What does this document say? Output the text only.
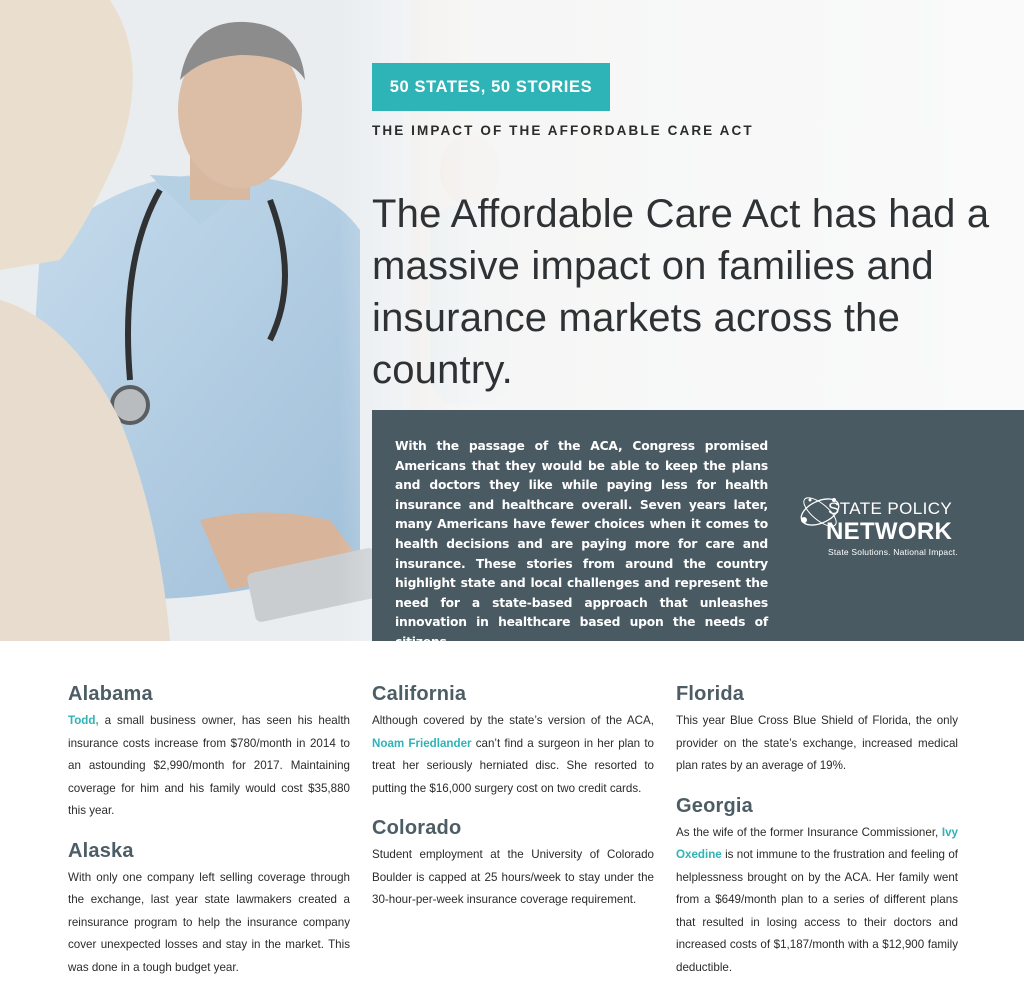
50 STATES, 50 STORIES
THE IMPACT OF THE AFFORDABLE CARE ACT
The Affordable Care Act has had a massive impact on families and insurance markets across the country.

With the passage of the ACA, Congress promised Americans that they would be able to keep the plans and doctors they like while paying less for health insurance and healthcare overall. Seven years later, many Americans have fewer choices when it comes to health decisions and are paying more for care and insurance. These stories from around the country highlight state and local challenges and represent the need for a state-based approach that unleashes innovation in healthcare based upon the needs of citizens.

STATE POLICY
NETWORK
State Solutions. National Impact.
Alabama

Todd, a small business owner, has seen his health insurance costs increase from $780/month in 2014 to an astounding $2,990/month for 2017. Maintaining coverage for him and his family would cost $35,880 this year.

Alaska

With only one company left selling coverage through the exchange, last year state lawmakers created a reinsurance program to help the insurance company cover unexpected losses and stay in the market. This was done in a tough budget year.

California

Although covered by the state’s version of the ACA, Noam Friedlander can’t find a surgeon in her plan to treat her seriously herniated disc. She resorted to putting the $16,000 surgery cost on two credit cards.

Colorado

Student employment at the University of Colorado Boulder is capped at 25 hours/week to stay under the 30-hour-per-week insurance coverage requirement.

Florida

This year Blue Cross Blue Shield of Florida, the only provider on the state’s exchange, increased medical plan rates by an average of 19%.

Georgia

As the wife of the former Insurance Commissioner, Ivy Oxedine is not immune to the frustration and feeling of helplessness brought on by the ACA. Her family went from a $649/month plan to a series of different plans that resulted in losing access to their doctors and increased costs of $1,187/month with a $12,900 family deductible.
